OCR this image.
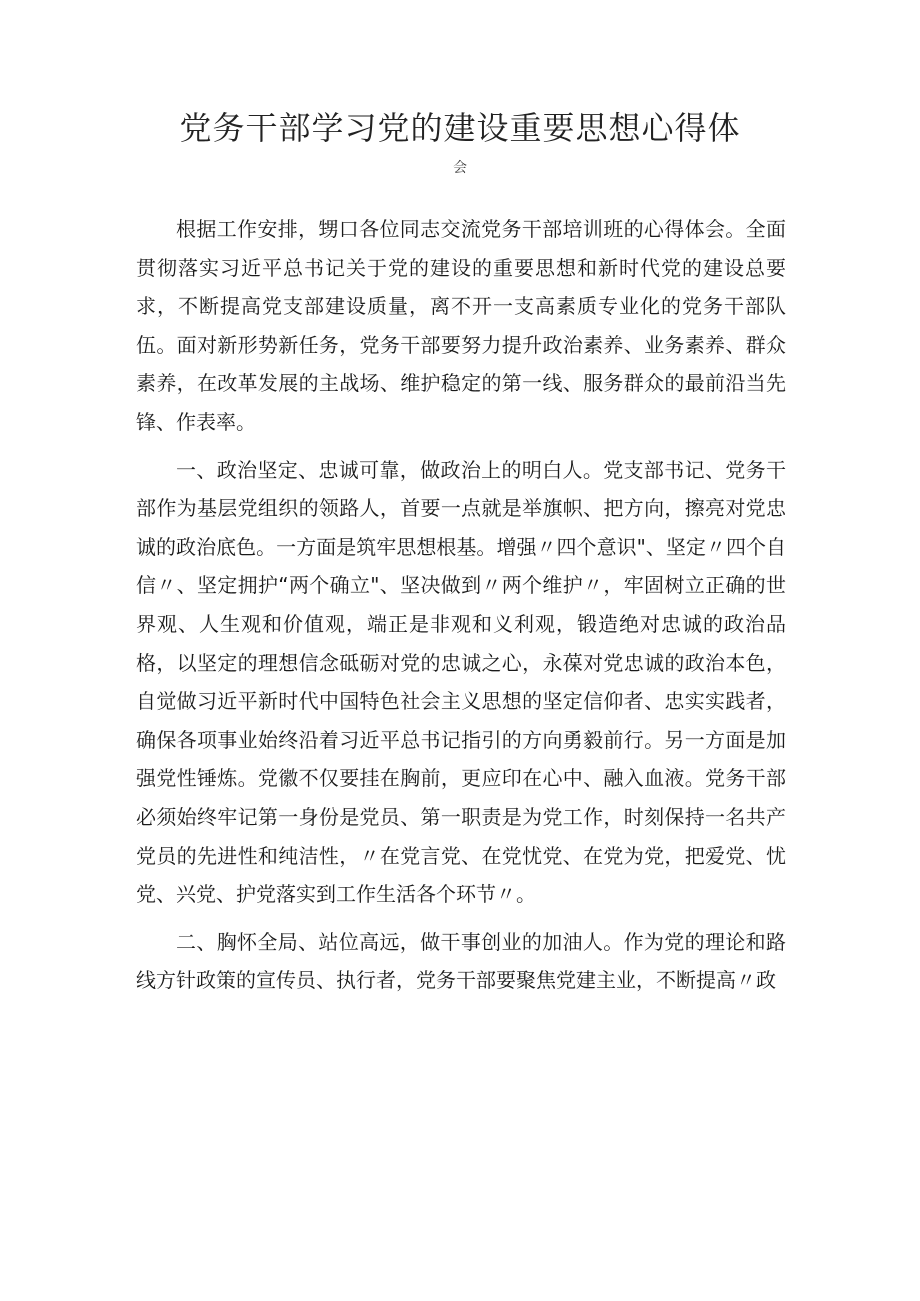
党务干部学习党的建设重要思想心得体
会

根据工作安排，甥口各位同志交流党务干部培训班的心得体会。全面贯彻落实习近平总书记关于党的建设的重要思想和新时代党的建设总要求，不断提高党支部建设质量，离不开一支高素质专业化的党务干部队伍。面对新形势新任务，党务干部要努力提升政治素养、业务素养、群众素养，在改革发展的主战场、维护稳定的第一线、服务群众的最前沿当先锋、作表率。

一、政治坚定、忠诚可靠，做政治上的明白人。党支部书记、党务干部作为基层党组织的领路人，首要一点就是举旗帜、把方向，擦亮对党忠诚的政治底色。一方面是筑牢思想根基。增强〃四个意识"、坚定〃四个自信〃、坚定拥护“两个确立"、坚决做到〃两个维护〃，牢固树立正确的世界观、人生观和价值观，端正是非观和义利观，锻造绝对忠诚的政治品格，以坚定的理想信念砥砺对党的忠诚之心，永葆对党忠诚的政治本色，自觉做习近平新时代中国特色社会主义思想的坚定信仰者、忠实实践者，确保各项事业始终沿着习近平总书记指引的方向勇毅前行。另一方面是加强党性锤炼。党徽不仅要挂在胸前，更应印在心中、融入血液。党务干部必须始终牢记第一身份是党员、第一职责是为党工作，时刻保持一名共产党员的先进性和纯洁性，〃在党言党、在党忧党、在党为党，把爱党、忧党、兴党、护党落实到工作生活各个环节〃。

二、胸怀全局、站位高远，做干事创业的加油人。作为党的理论和路线方针政策的宣传员、执行者，党务干部要聚焦党建主业，不断提高〃政
